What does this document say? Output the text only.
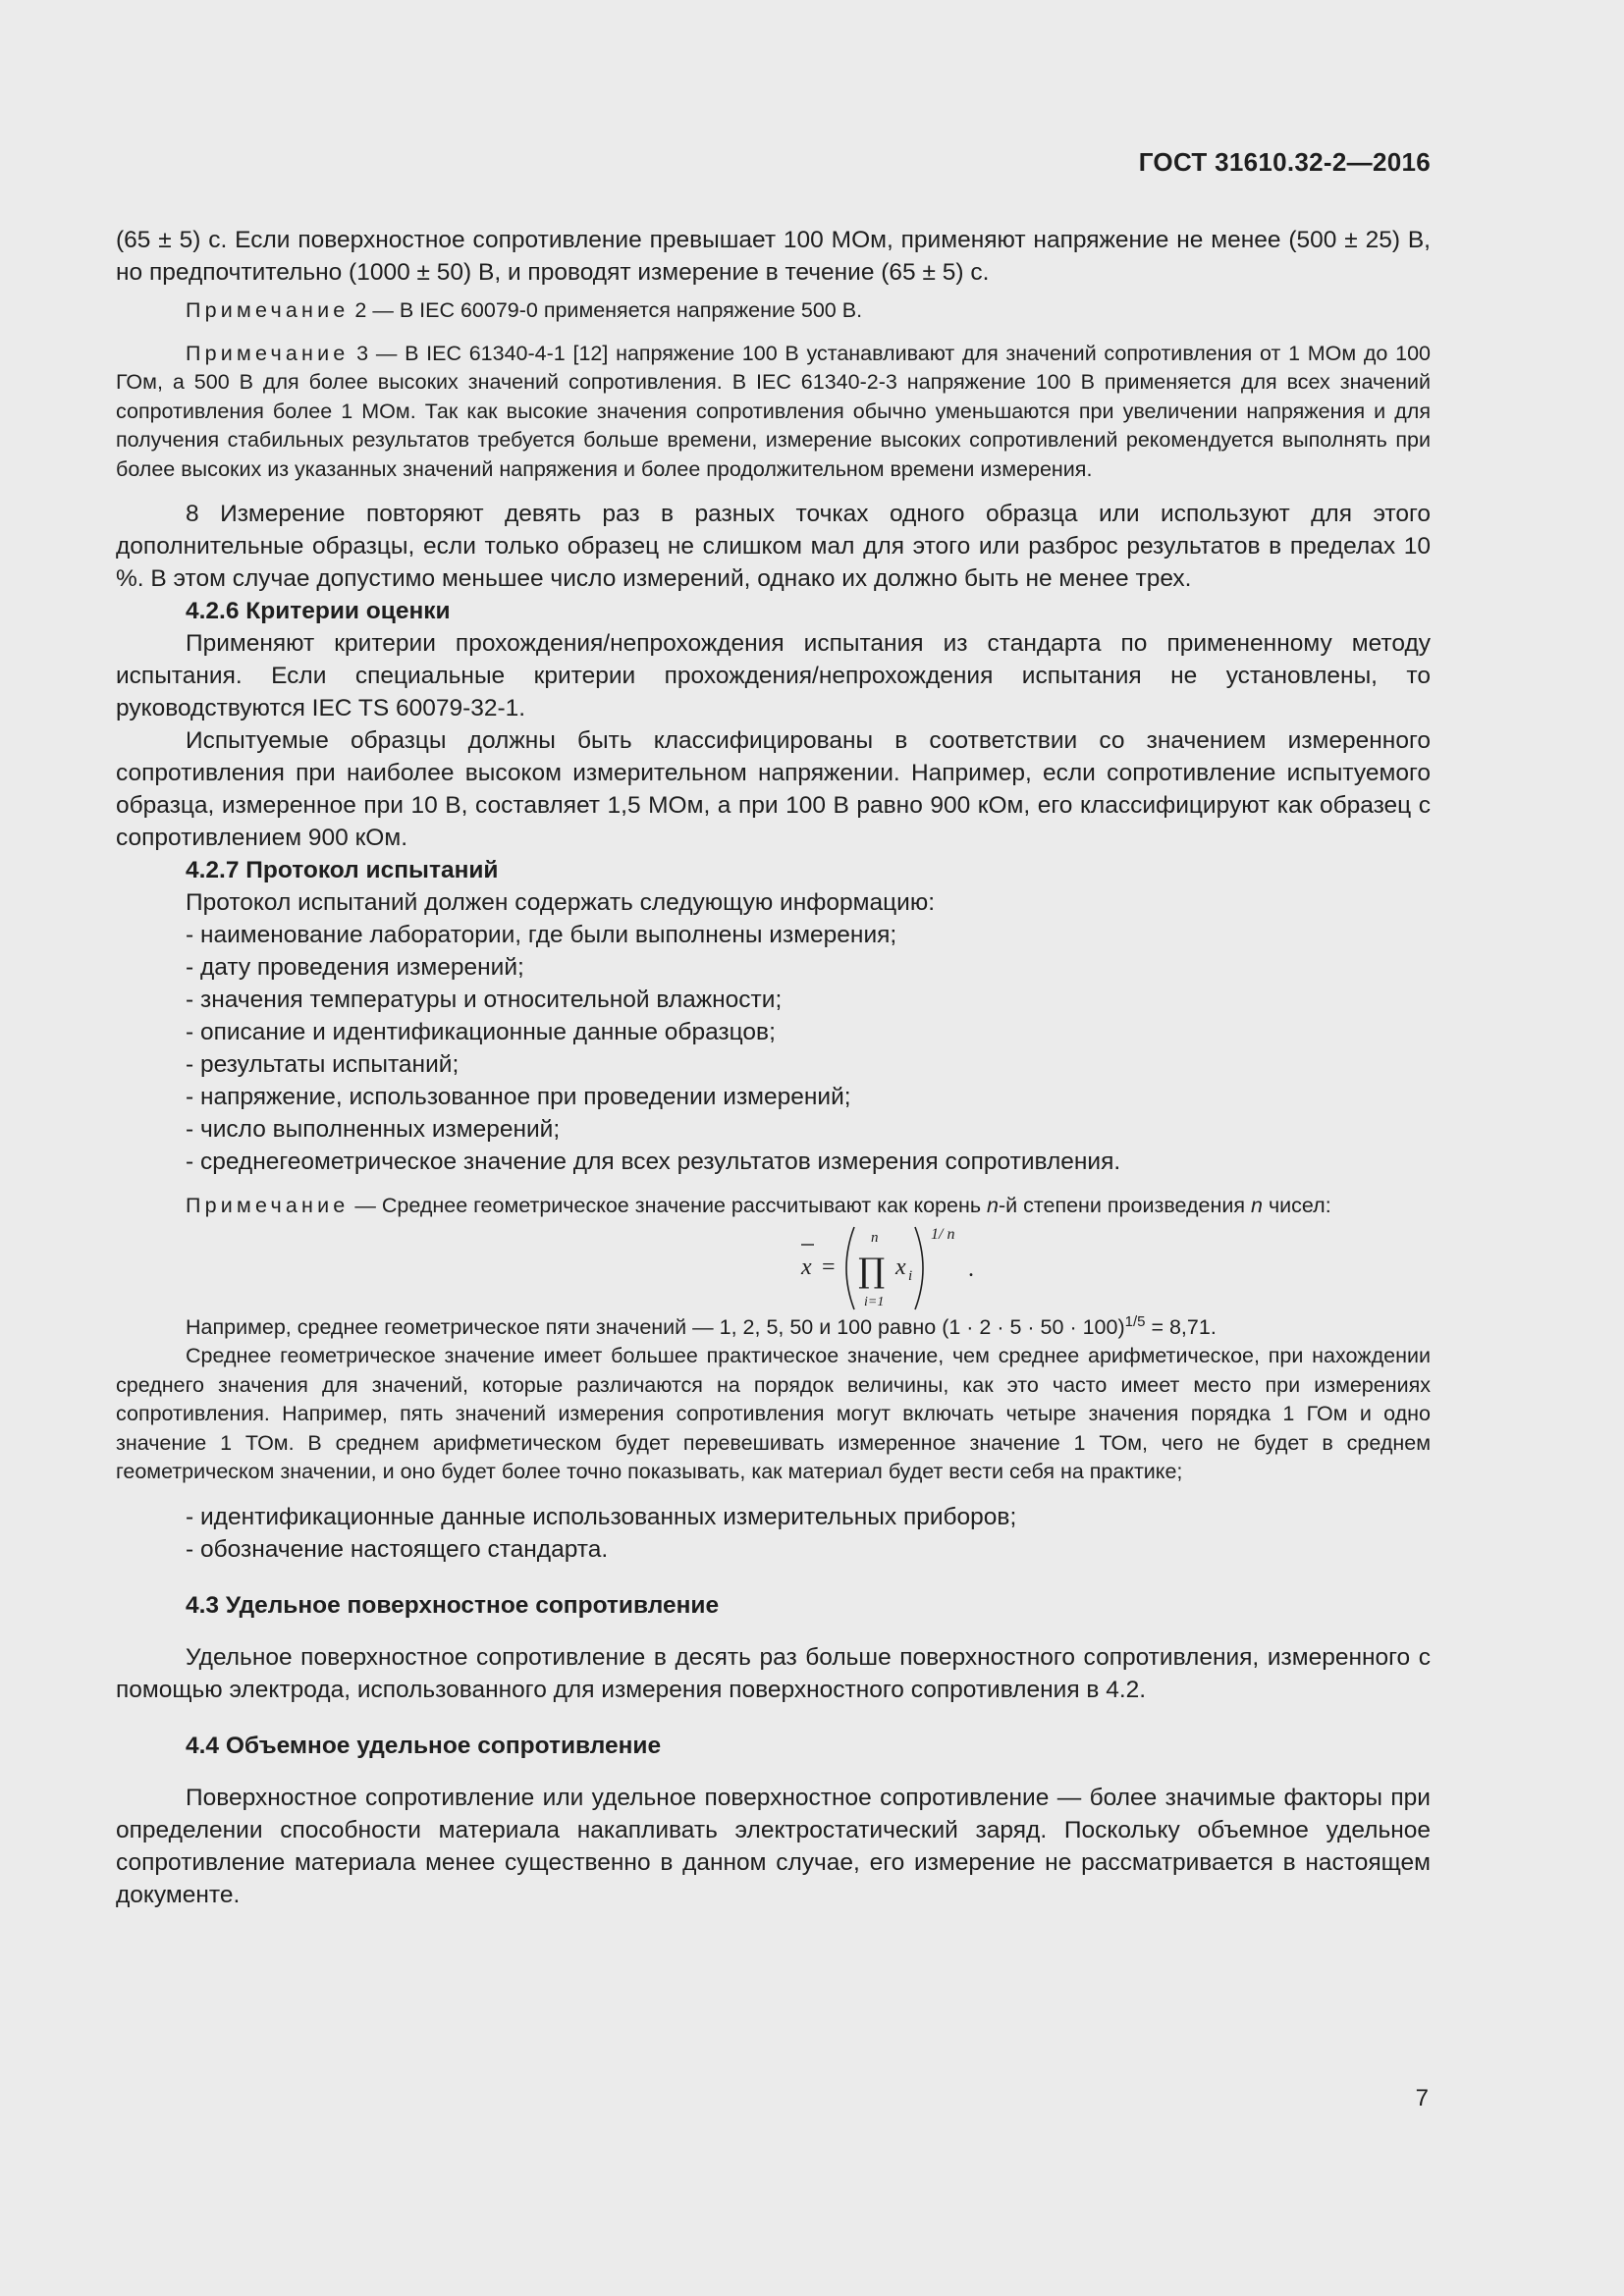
ГОСТ 31610.32-2—2016

(65 ± 5) с. Если поверхностное сопротивление превышает 100 МОм, применяют напряжение не менее (500 ± 25) В, но предпочтительно (1000 ± 50) В, и проводят измерение в течение (65 ± 5) с.

Примечание 2 — В IEC 60079-0 применяется напряжение 500 В.

Примечание 3 — В IEC 61340-4-1 [12] напряжение 100 В устанавливают для значений сопротивления от 1 МОм до 100 ГОм, а 500 В для более высоких значений сопротивления. В IEC 61340-2-3 напряжение 100 В применяется для всех значений сопротивления более 1 МОм. Так как высокие значения сопротивления обычно уменьшаются при увеличении напряжения и для получения стабильных результатов требуется больше времени, измерение высоких сопротивлений рекомендуется выполнять при более высоких из указанных значений напряжения и более продолжительном времени измерения.

8 Измерение повторяют девять раз в разных точках одного образца или используют для этого дополнительные образцы, если только образец не слишком мал для этого или разброс результатов в пределах 10 %. В этом случае допустимо меньшее число измерений, однако их должно быть не менее трех.

4.2.6 Критерии оценки

Применяют критерии прохождения/непрохождения испытания из стандарта по примененному методу испытания. Если специальные критерии прохождения/непрохождения испытания не установлены, то руководствуются IEC TS 60079-32-1.

Испытуемые образцы должны быть классифицированы в соответствии со значением измеренного сопротивления при наиболее высоком измерительном напряжении. Например, если сопротивление испытуемого образца, измеренное при 10 В, составляет 1,5 МОм, а при 100 В равно 900 кОм, его классифицируют как образец с сопротивлением 900 кОм.

4.2.7 Протокол испытаний

Протокол испытаний должен содержать следующую информацию:

- наименование лаборатории, где были выполнены измерения;
- дату проведения измерений;
- значения температуры и относительной влажности;
- описание и идентификационные данные образцов;
- результаты испытаний;
- напряжение, использованное при проведении измерений;
- число выполненных измерений;
- среднегеометрическое значение для всех результатов измерения сопротивления.

Примечание — Среднее геометрическое значение рассчитывают как корень n-й степени произведения n чисел:

x =
n
∏
i=1
x i
1/ n
.

Например, среднее геометрическое пяти значений — 1, 2, 5, 50 и 100 равно $(1 \cdot 2 \cdot 5 \cdot 50 \cdot 100)^{1/5} = 8,71$.

Среднее геометрическое значение имеет большее практическое значение, чем среднее арифметическое, при нахождении среднего значения для значений, которые различаются на порядок величины, как это часто имеет место при измерениях сопротивления. Например, пять значений измерения сопротивления могут включать четыре значения порядка 1 ГОм и одно значение 1 ТОм. В среднем арифметическом будет перевешивать измеренное значение 1 ТОм, чего не будет в среднем геометрическом значении, и оно будет более точно показывать, как материал будет вести себя на практике;

- идентификационные данные использованных измерительных приборов;
- обозначение настоящего стандарта.
4.3 Удельное поверхностное сопротивление

Удельное поверхностное сопротивление в десять раз больше поверхностного сопротивления, измеренного с помощью электрода, использованного для измерения поверхностного сопротивления в 4.2.

4.4 Объемное удельное сопротивление

Поверхностное сопротивление или удельное поверхностное сопротивление — более значимые факторы при определении способности материала накапливать электростатический заряд. Поскольку объемное удельное сопротивление материала менее существенно в данном случае, его измерение не рассматривается в настоящем документе.

7
